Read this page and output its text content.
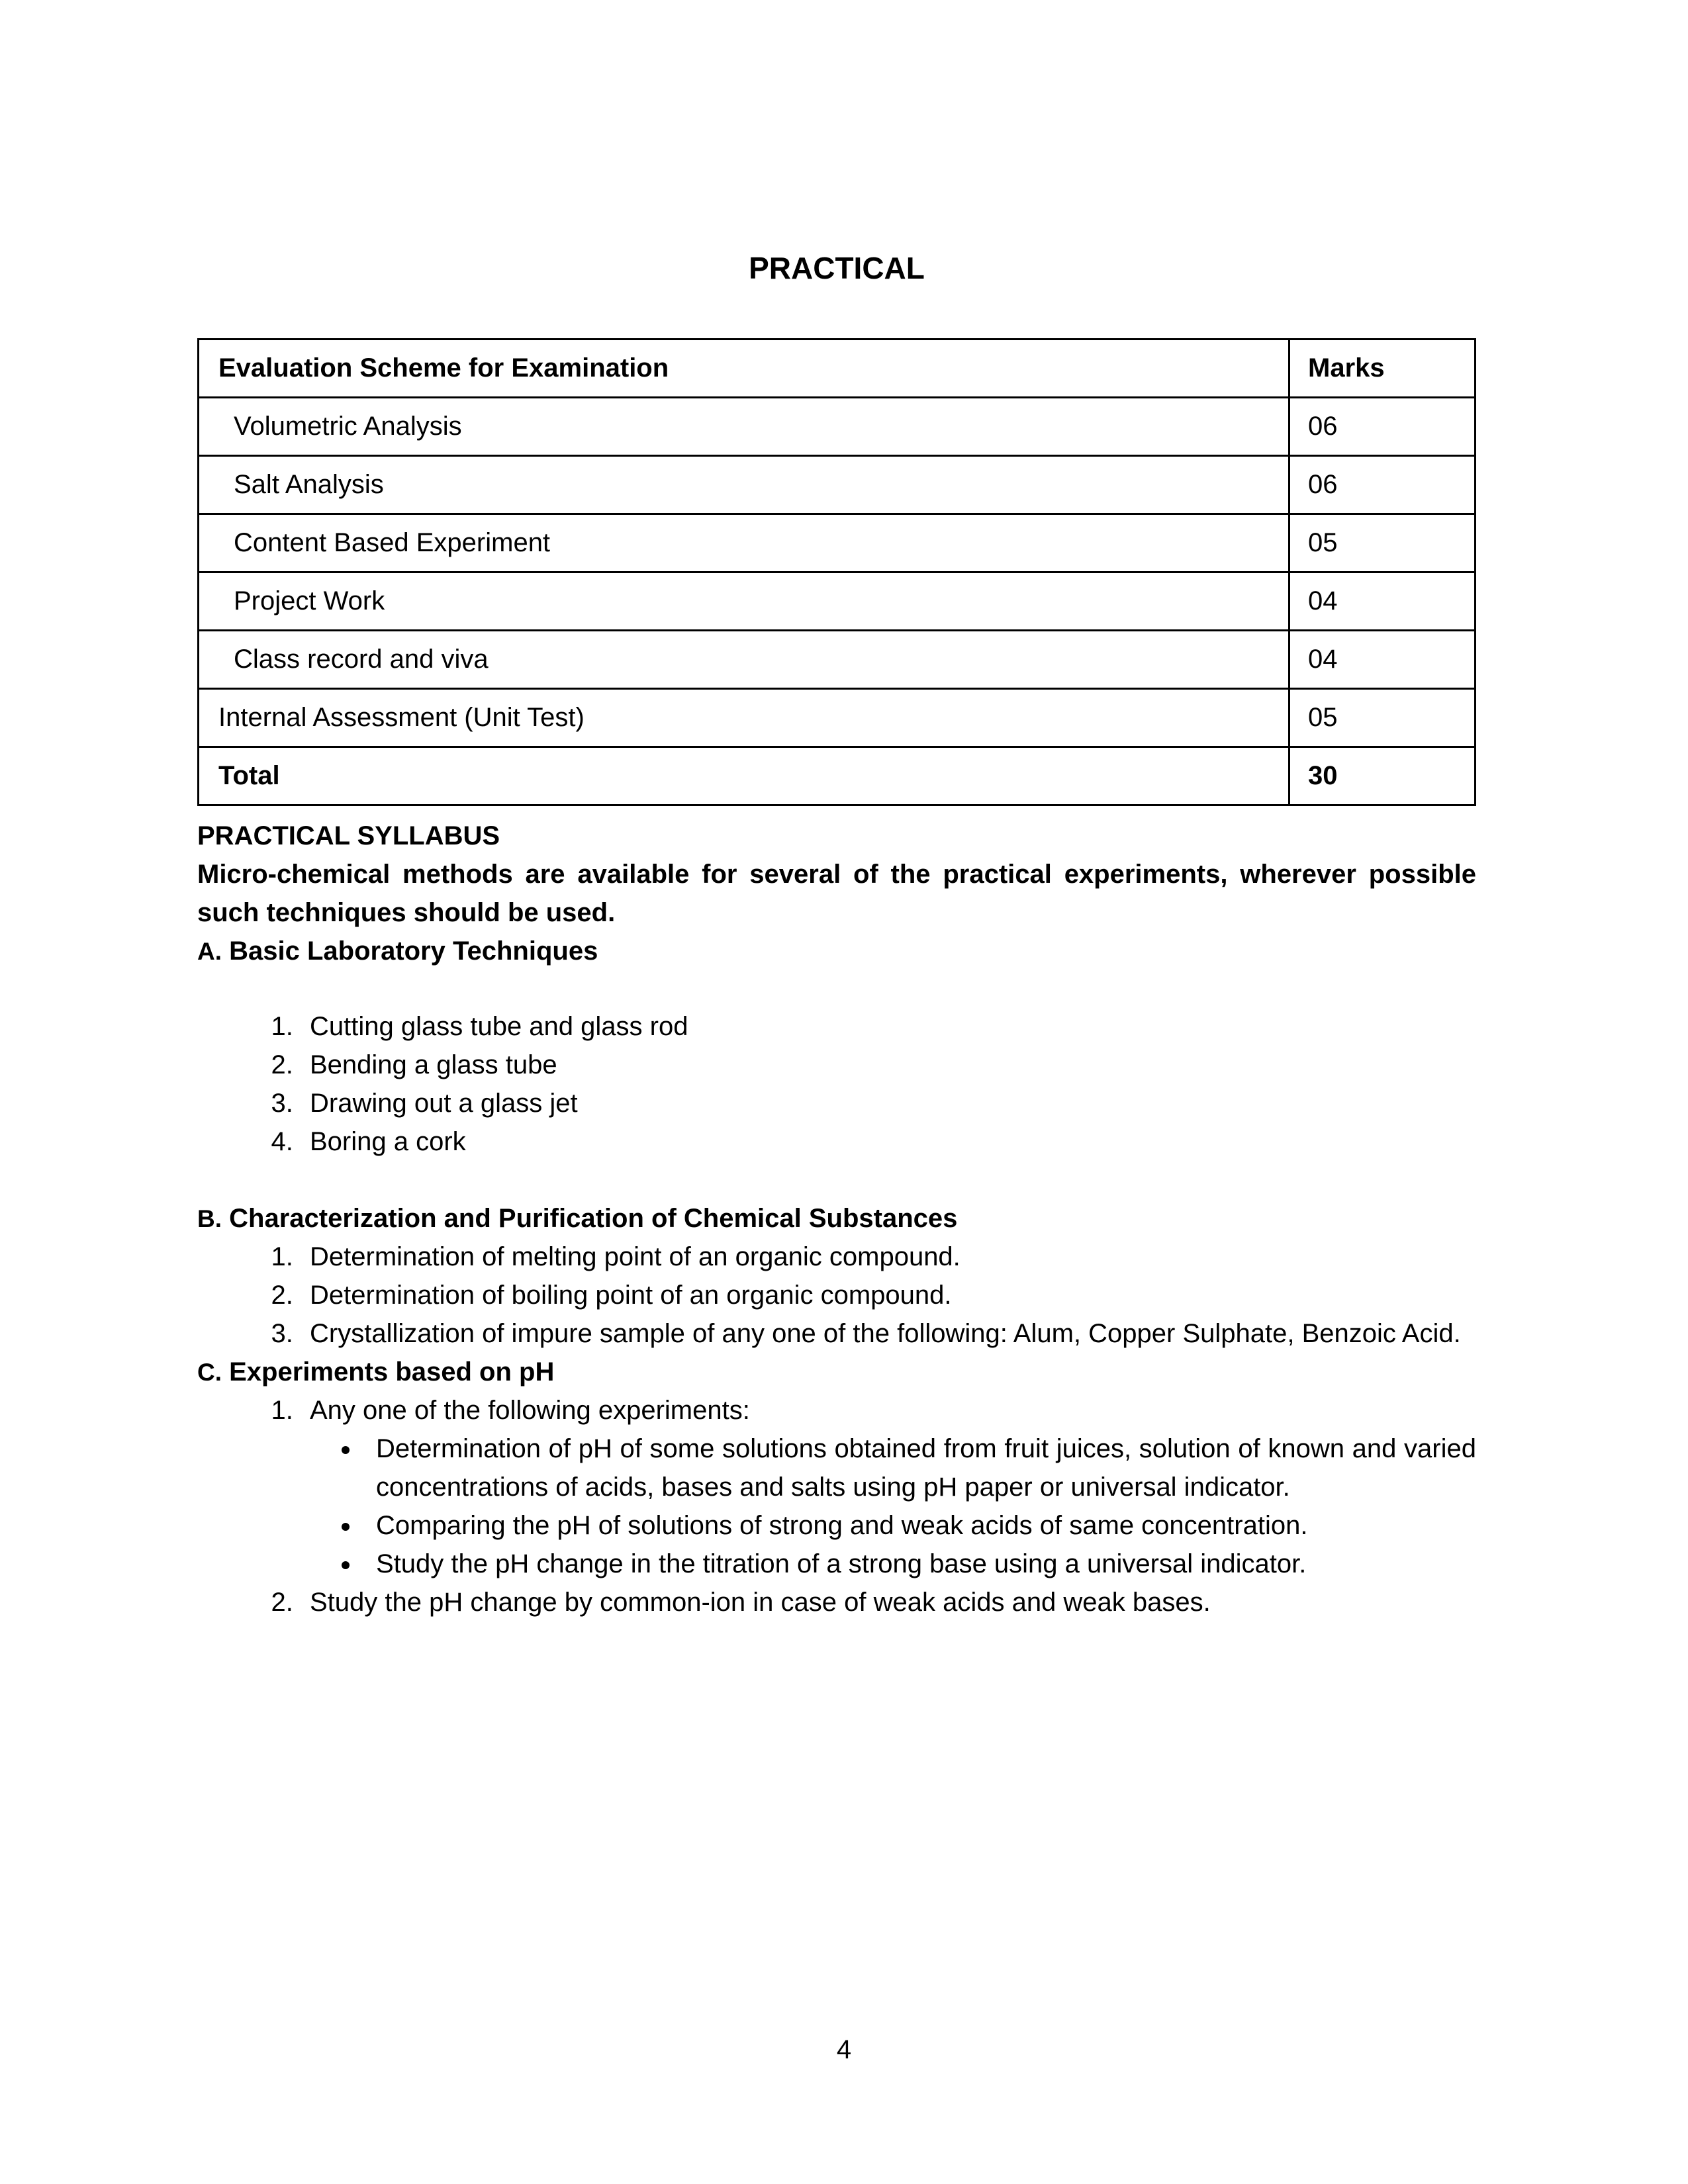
PRACTICAL
Evaluation Scheme for Examination	Marks
Volumetric Analysis	06
Salt Analysis	06
Content Based Experiment	05
Project Work	04
Class record and viva	04
Internal Assessment (Unit Test)	05
Total	30
PRACTICAL SYLLABUS

Micro-chemical methods are available for several of the practical experiments, wherever possible such techniques should be used.

A. Basic Laboratory Techniques
1. Cutting glass tube and glass rod
2. Bending a glass tube
3. Drawing out a glass jet
4. Boring a cork
B. Characterization and Purification of Chemical Substances
1. Determination of melting point of an organic compound.
2. Determination of boiling point of an organic compound.
3. Crystallization of impure sample of any one of the following: Alum, Copper Sulphate, Benzoic Acid.
C. Experiments based on pH
1. Any one of the following experiments:
• Determination of pH of some solutions obtained from fruit juices, solution of known and varied concentrations of acids, bases and salts using pH paper or universal indicator.
• Comparing the pH of solutions of strong and weak acids of same concentration.
• Study the pH change in the titration of a strong base using a universal indicator.
2. Study the pH change by common-ion in case of weak acids and weak bases.
4
